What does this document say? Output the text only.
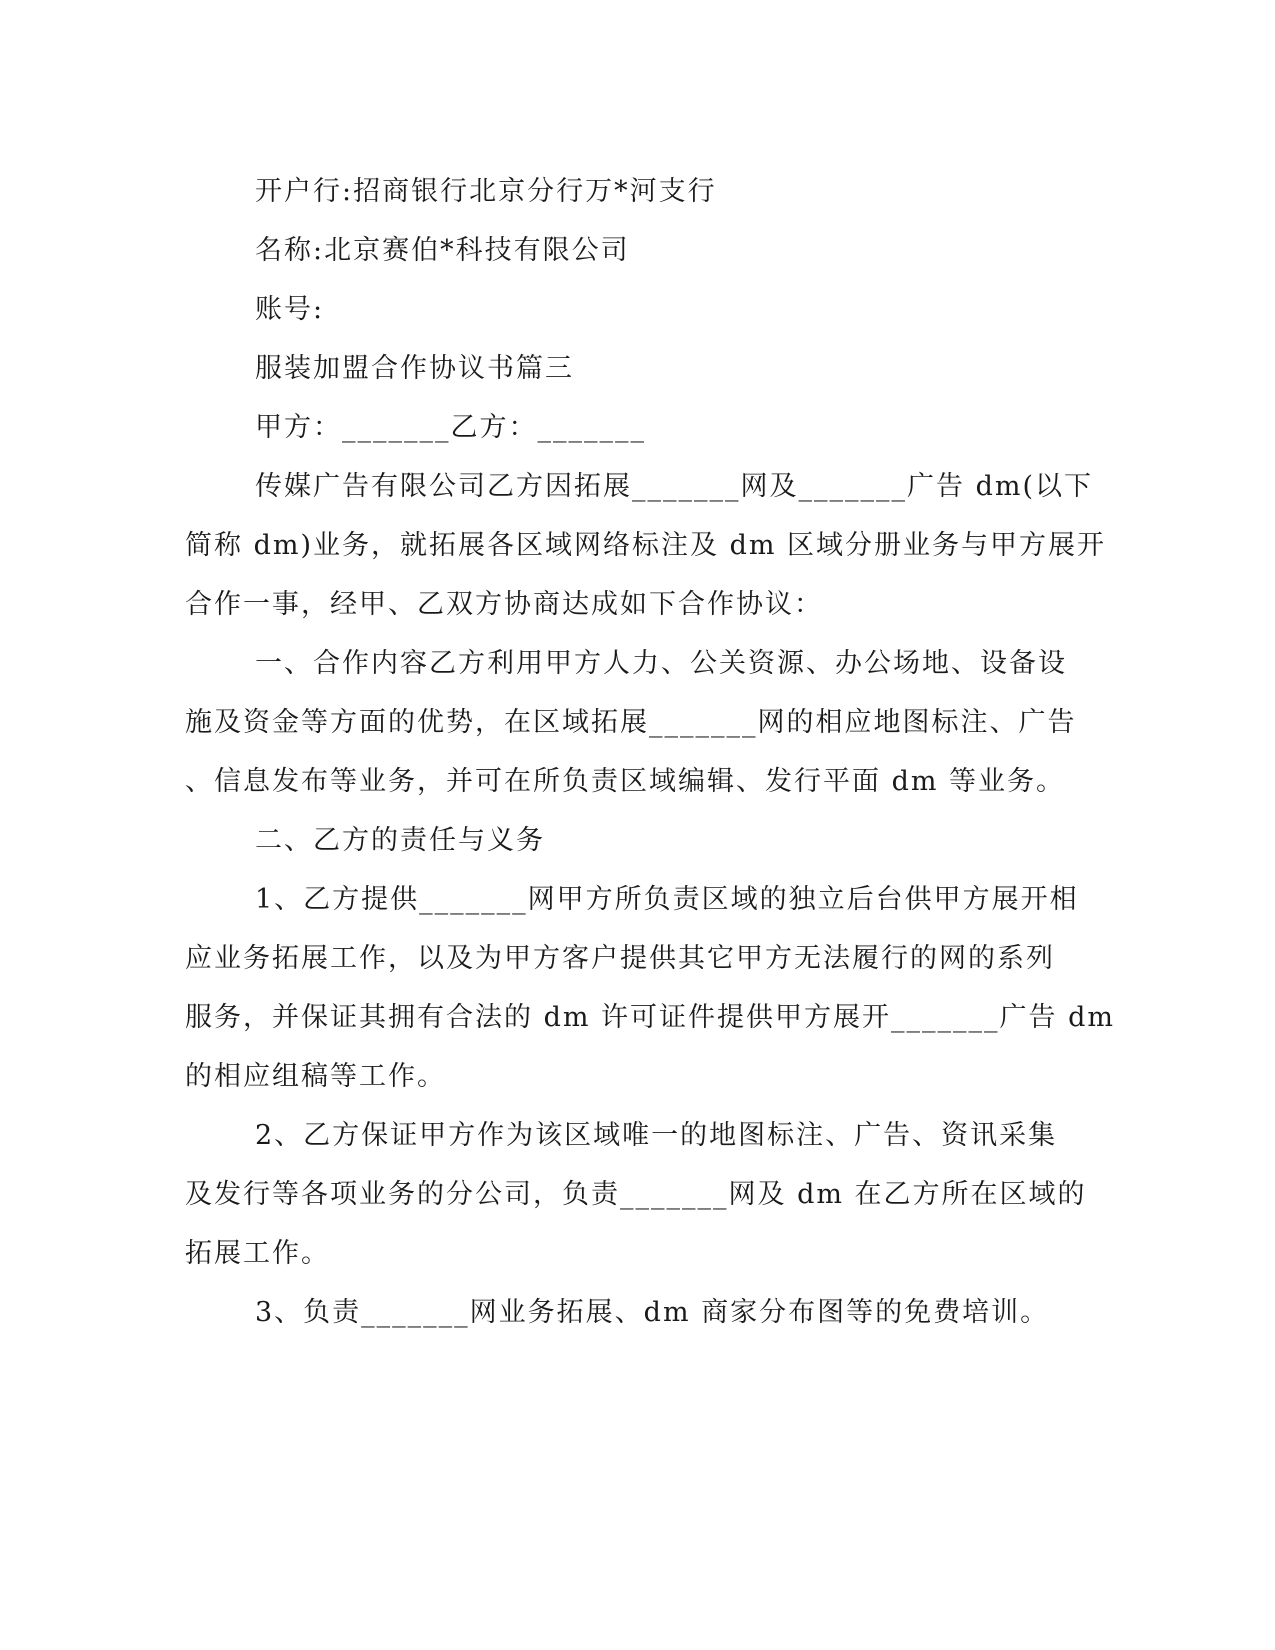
开户行:招商银行北京分行万*河支行

名称:北京赛伯*科技有限公司

账号:

服装加盟合作协议书篇三

甲方：_______乙方：_______

传媒广告有限公司乙方因拓展_______网及_______广告 dm(以下

简称 dm)业务，就拓展各区域网络标注及 dm 区域分册业务与甲方展开

合作一事，经甲、乙双方协商达成如下合作协议：

一、合作内容乙方利用甲方人力、公关资源、办公场地、设备设

施及资金等方面的优势，在区域拓展_______网的相应地图标注、广告

、信息发布等业务，并可在所负责区域编辑、发行平面 dm 等业务。

二、乙方的责任与义务

1、乙方提供_______网甲方所负责区域的独立后台供甲方展开相

应业务拓展工作，以及为甲方客户提供其它甲方无法履行的网的系列

服务，并保证其拥有合法的 dm 许可证件提供甲方展开_______广告 dm

的相应组稿等工作。

2、乙方保证甲方作为该区域唯一的地图标注、广告、资讯采集

及发行等各项业务的分公司，负责_______网及 dm 在乙方所在区域的

拓展工作。

3、负责_______网业务拓展、dm 商家分布图等的免费培训。
